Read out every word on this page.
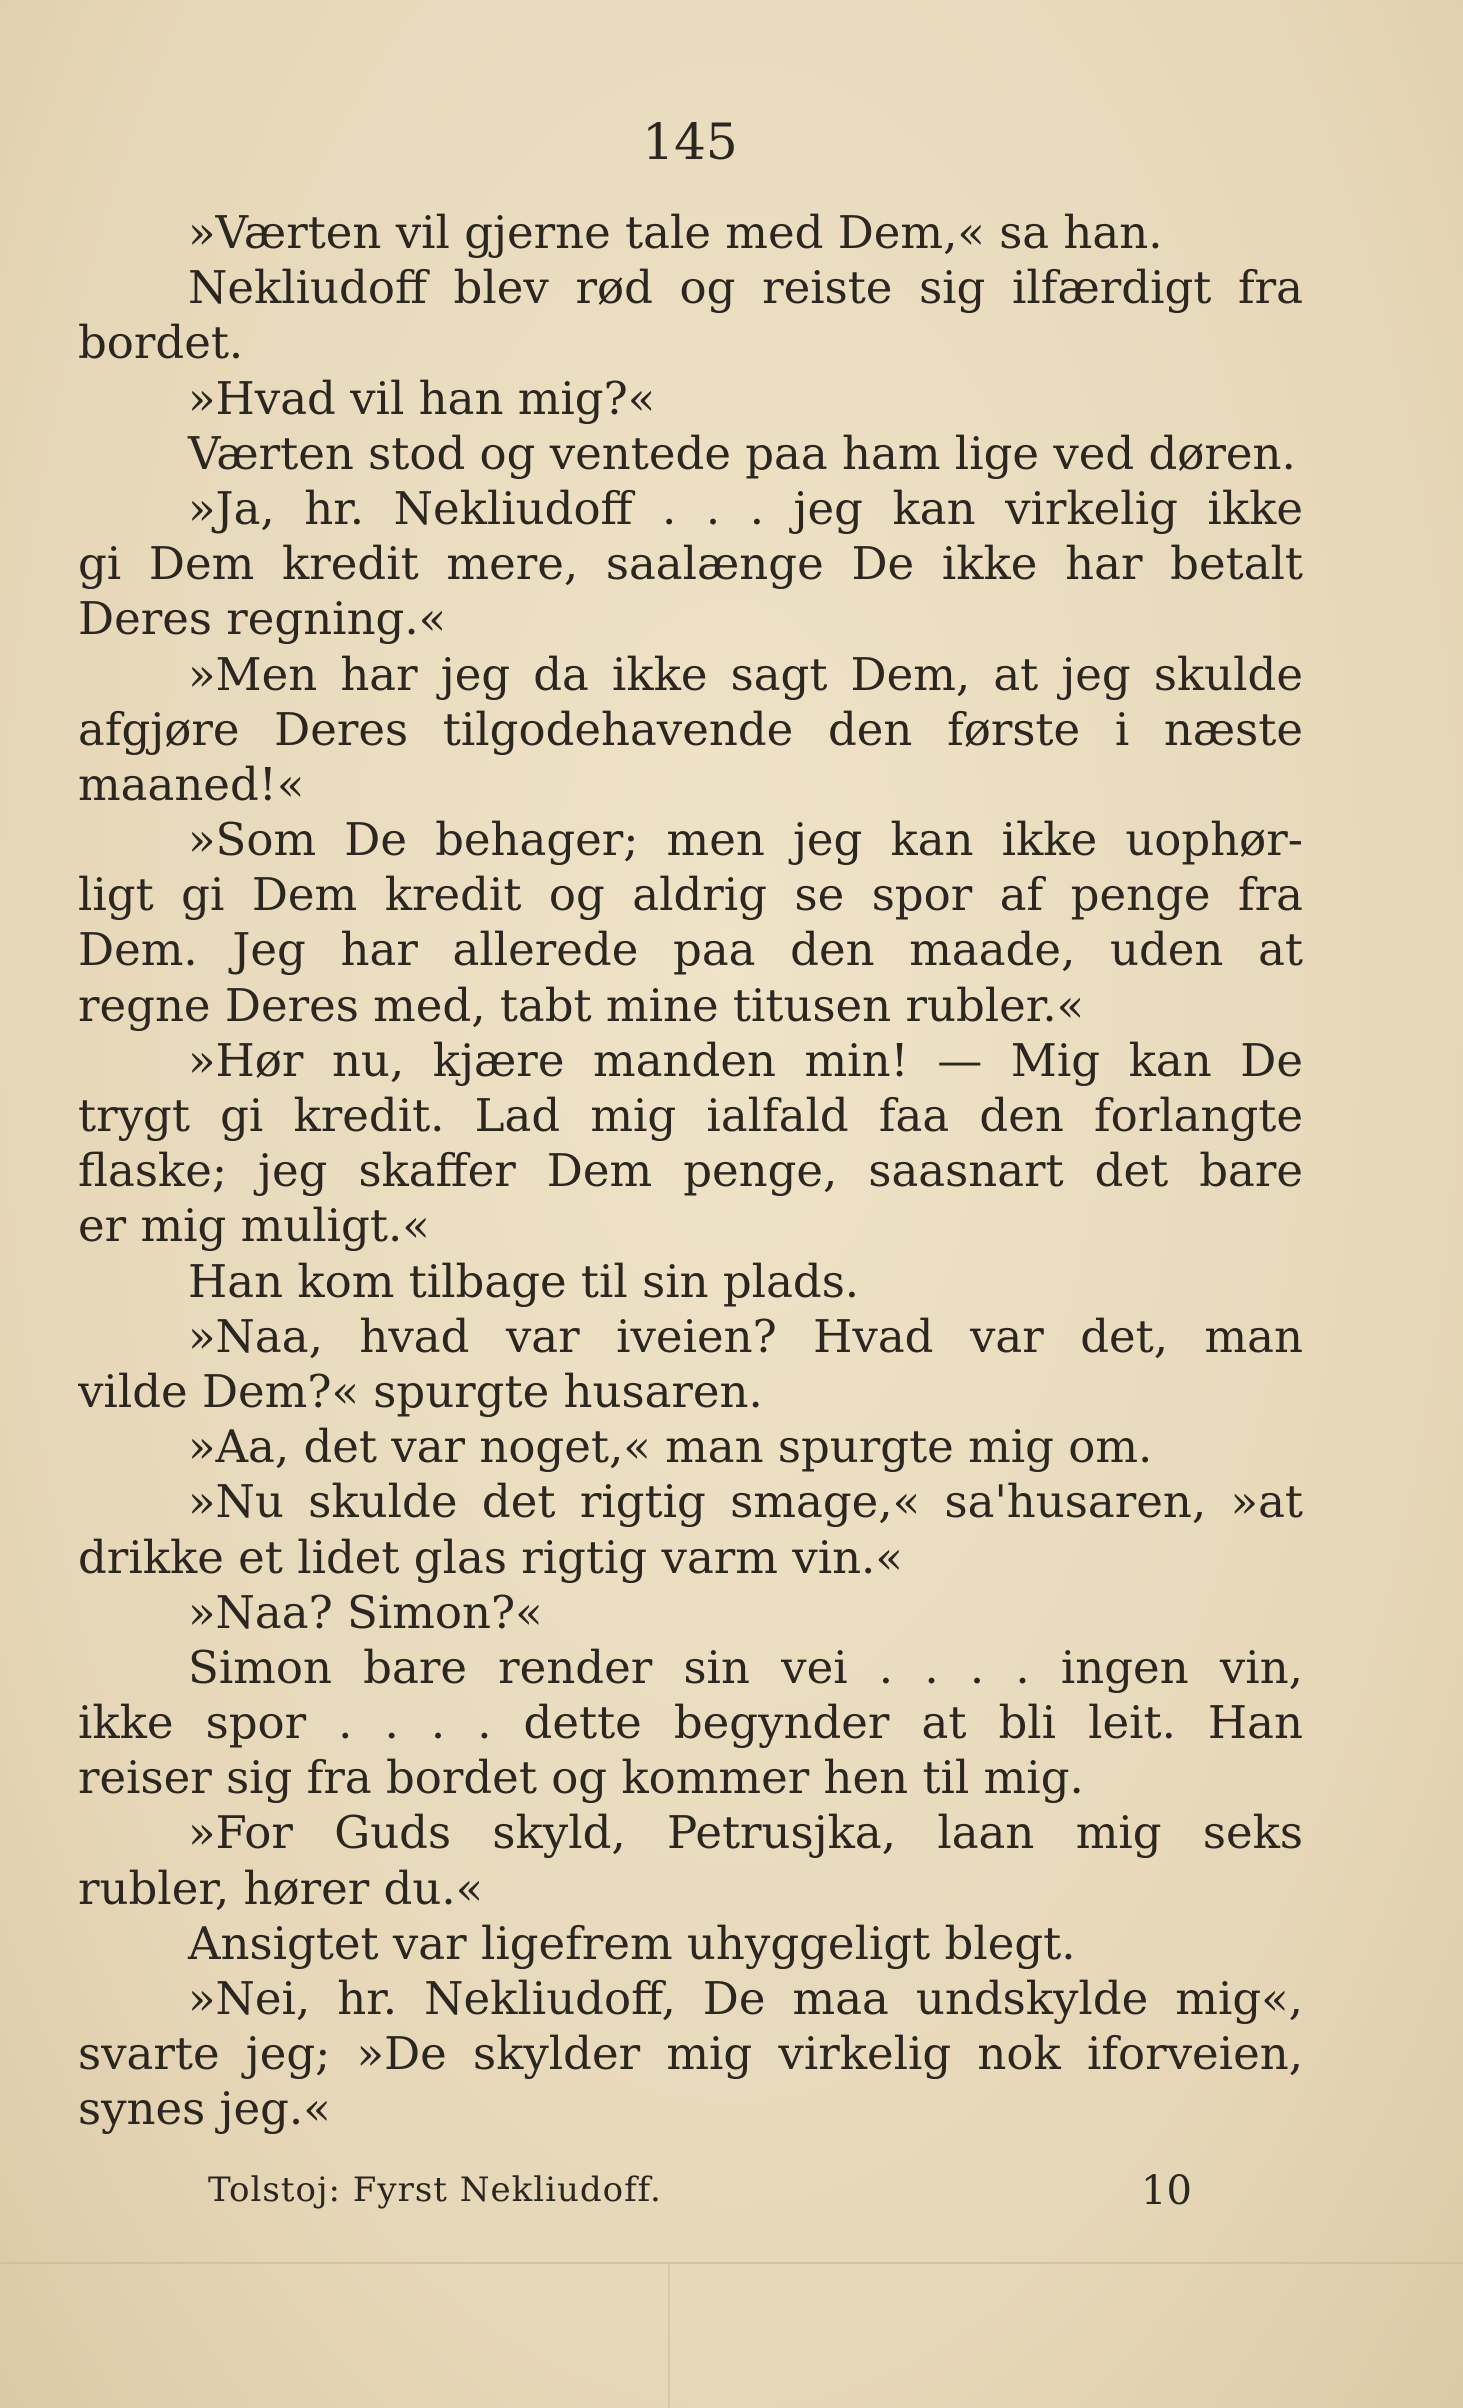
145
»Værten vil gjerne tale med Dem,« sa han.
Nekliudoff blev rød og reiste sig ilfærdigt fra
bordet.
»Hvad vil han mig?«
Værten stod og ventede paa ham lige ved døren.
»Ja, hr. Nekliudoff . . . jeg kan virkelig ikke
gi Dem kredit mere, saalænge De ikke har betalt
Deres regning.«
»Men har jeg da ikke sagt Dem, at jeg skulde
afgjøre Deres tilgodehavende den første i næste
maaned!«
»Som De behager; men jeg kan ikke uophør-
ligt gi Dem kredit og aldrig se spor af penge fra
Dem. Jeg har allerede paa den maade, uden at
regne Deres med, tabt mine titusen rubler.«
»Hør nu, kjære manden min! — Mig kan De
trygt gi kredit. Lad mig ialfald faa den forlangte
flaske; jeg skaffer Dem penge, saasnart det bare
er mig muligt.«
Han kom tilbage til sin plads.
»Naa, hvad var iveien? Hvad var det, man
vilde Dem?« spurgte husaren.
»Aa, det var noget,« man spurgte mig om.
»Nu skulde det rigtig smage,« sa'husaren, »at
drikke et lidet glas rigtig varm vin.«
»Naa? Simon?«
Simon bare render sin vei . . . . ingen vin,
ikke spor . . . . dette begynder at bli leit. Han
reiser sig fra bordet og kommer hen til mig.
»For Guds skyld, Petrusjka, laan mig seks
rubler, hører du.«
Ansigtet var ligefrem uhyggeligt blegt.
»Nei, hr. Nekliudoff, De maa undskylde mig«,
svarte jeg; »De skylder mig virkelig nok iforveien,
synes jeg.«
Tolstoj: Fyrst Nekliudoff.	10
